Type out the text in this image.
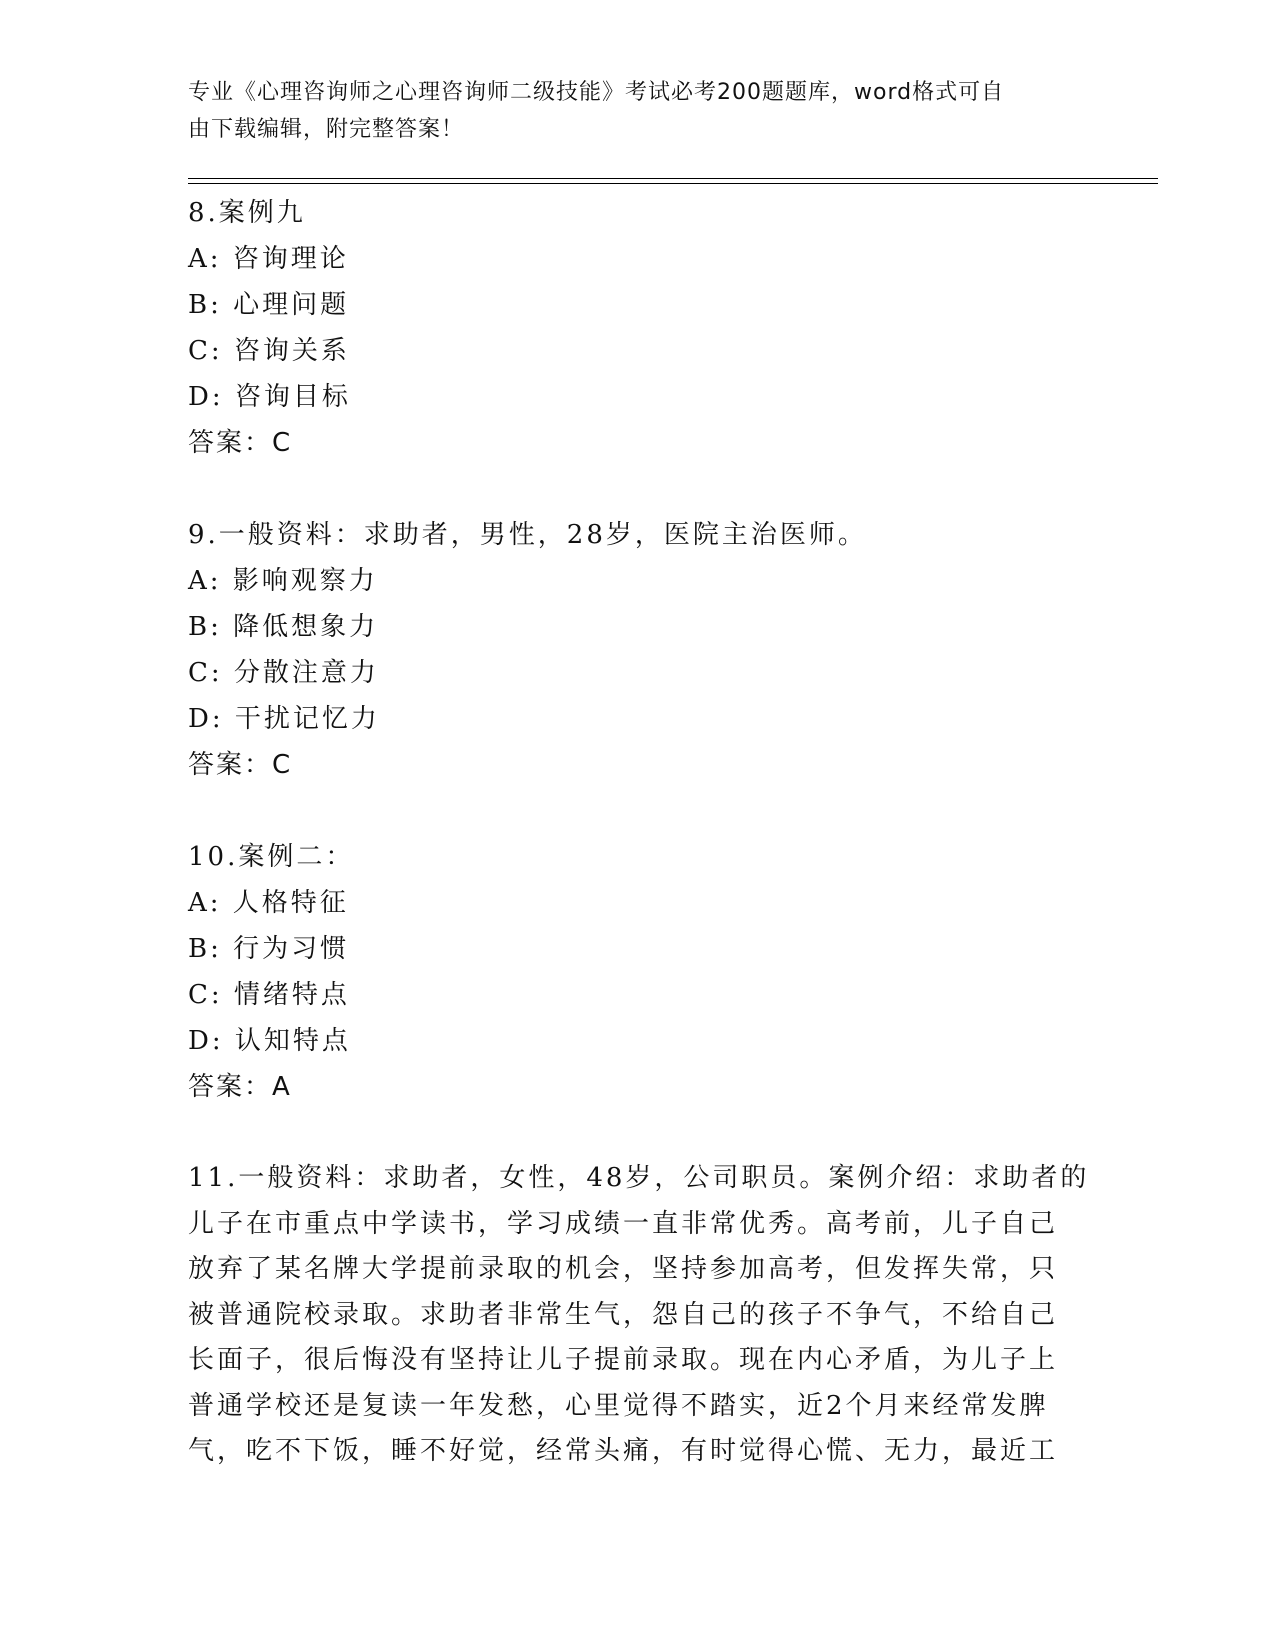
专业《心理咨询师之心理咨询师二级技能》考试必考200题题库，word格式可自
由下载编辑，附完整答案！
8.案例九
A: 咨询理论
B: 心理问题
C: 咨询关系
D: 咨询目标
答案：C
9.一般资料：求助者，男性，28岁，医院主治医师。
A: 影响观察力
B: 降低想象力
C: 分散注意力
D: 干扰记忆力
答案：C
10.案例二：
A: 人格特征
B: 行为习惯
C: 情绪特点
D: 认知特点
答案：A
11.一般资料：求助者，女性，48岁，公司职员。案例介绍：求助者的
儿子在市重点中学读书，学习成绩一直非常优秀。高考前，儿子自己
放弃了某名牌大学提前录取的机会，坚持参加高考，但发挥失常，只
被普通院校录取。求助者非常生气，怨自己的孩子不争气，不给自己
长面子，很后悔没有坚持让儿子提前录取。现在内心矛盾，为儿子上
普通学校还是复读一年发愁，心里觉得不踏实，近2个月来经常发脾
气，吃不下饭，睡不好觉，经常头痛，有时觉得心慌、无力，最近工
